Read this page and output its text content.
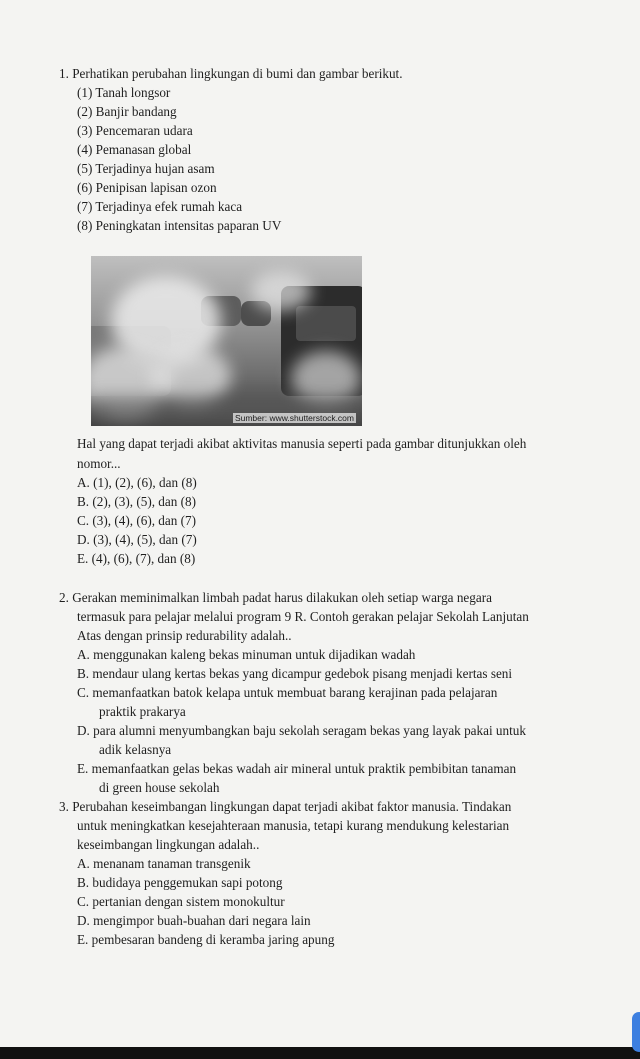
1. Perhatikan perubahan lingkungan di bumi dan gambar berikut.
(1) Tanah longsor
(2) Banjir bandang
(3) Pencemaran udara
(4) Pemanasan global
(5) Terjadinya hujan asam
(6) Penipisan lapisan ozon
(7) Terjadinya efek rumah kaca
(8) Peningkatan intensitas paparan UV
Sumber: www.shutterstock.com
Hal yang dapat terjadi akibat aktivitas manusia seperti pada gambar ditunjukkan oleh
nomor...
A. (1), (2), (6), dan (8)
B. (2), (3), (5), dan (8)
C. (3), (4), (6), dan (7)
D. (3), (4), (5), dan (7)
E. (4), (6), (7), dan (8)
2. Gerakan meminimalkan limbah padat harus dilakukan oleh setiap warga negara
termasuk para pelajar melalui program 9 R. Contoh gerakan pelajar Sekolah Lanjutan
Atas dengan prinsip redurability adalah..
A. menggunakan kaleng bekas minuman untuk dijadikan wadah
B. mendaur ulang kertas bekas yang dicampur gedebok pisang menjadi kertas seni
C. memanfaatkan batok kelapa untuk membuat barang kerajinan pada pelajaran
praktik prakarya
D. para alumni menyumbangkan baju sekolah seragam bekas yang layak pakai untuk
adik kelasnya
E. memanfaatkan gelas bekas wadah air mineral untuk praktik pembibitan tanaman
di green house sekolah
3. Perubahan keseimbangan lingkungan dapat terjadi akibat faktor manusia. Tindakan
untuk meningkatkan kesejahteraan manusia, tetapi kurang mendukung kelestarian
keseimbangan lingkungan adalah..
A. menanam tanaman transgenik
B. budidaya penggemukan sapi potong
C. pertanian dengan sistem monokultur
D. mengimpor buah-buahan dari negara lain
E. pembesaran bandeng di keramba jaring apung
